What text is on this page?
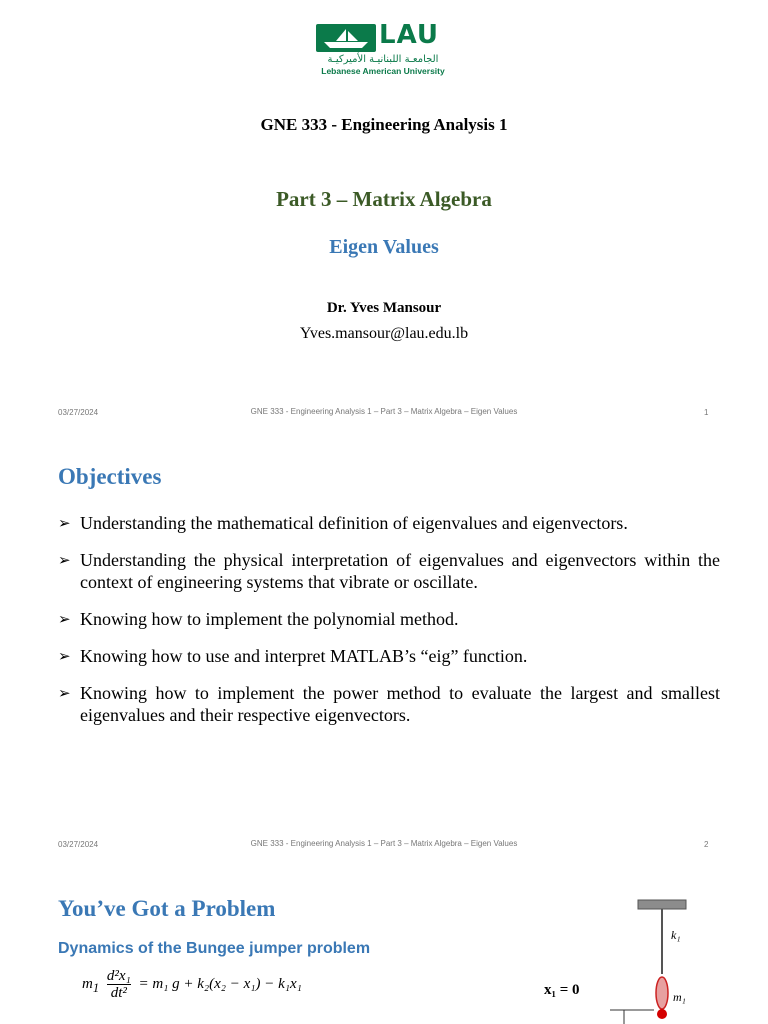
LAU
الجامعـة اللبنانيـة الأميركيـة
Lebanese American University
GNE 333 - Engineering Analysis 1
Part 3 – Matrix Algebra
Eigen Values
Dr. Yves Mansour
Yves.mansour@lau.edu.lb
03/27/2024	GNE 333 - Engineering Analysis 1 – Part 3 – Matrix Algebra – Eigen Values	1
Objectives
➢ Understanding the mathematical definition of eigenvalues and eigenvectors.
➢ Understanding the physical interpretation of eigenvalues and eigenvectors within the context of engineering systems that vibrate or oscillate.
➢ Knowing how to implement the polynomial method.
➢ Knowing how to use and interpret MATLAB’s “eig” function.
➢ Knowing how to implement the power method to evaluate the largest and smallest eigenvalues and their respective eigenvectors.
03/27/2024	GNE 333 - Engineering Analysis 1 – Part 3 – Matrix Algebra – Eigen Values	2
You’ve Got a Problem
Dynamics of the Bungee jumper problem
$m_1 \frac{\text{d²x₁}}{\text{dt²}} = m_1$ g + k₂(x₂ − x₁) − k₁x₁	x₁ = 0
k₁
m₁
